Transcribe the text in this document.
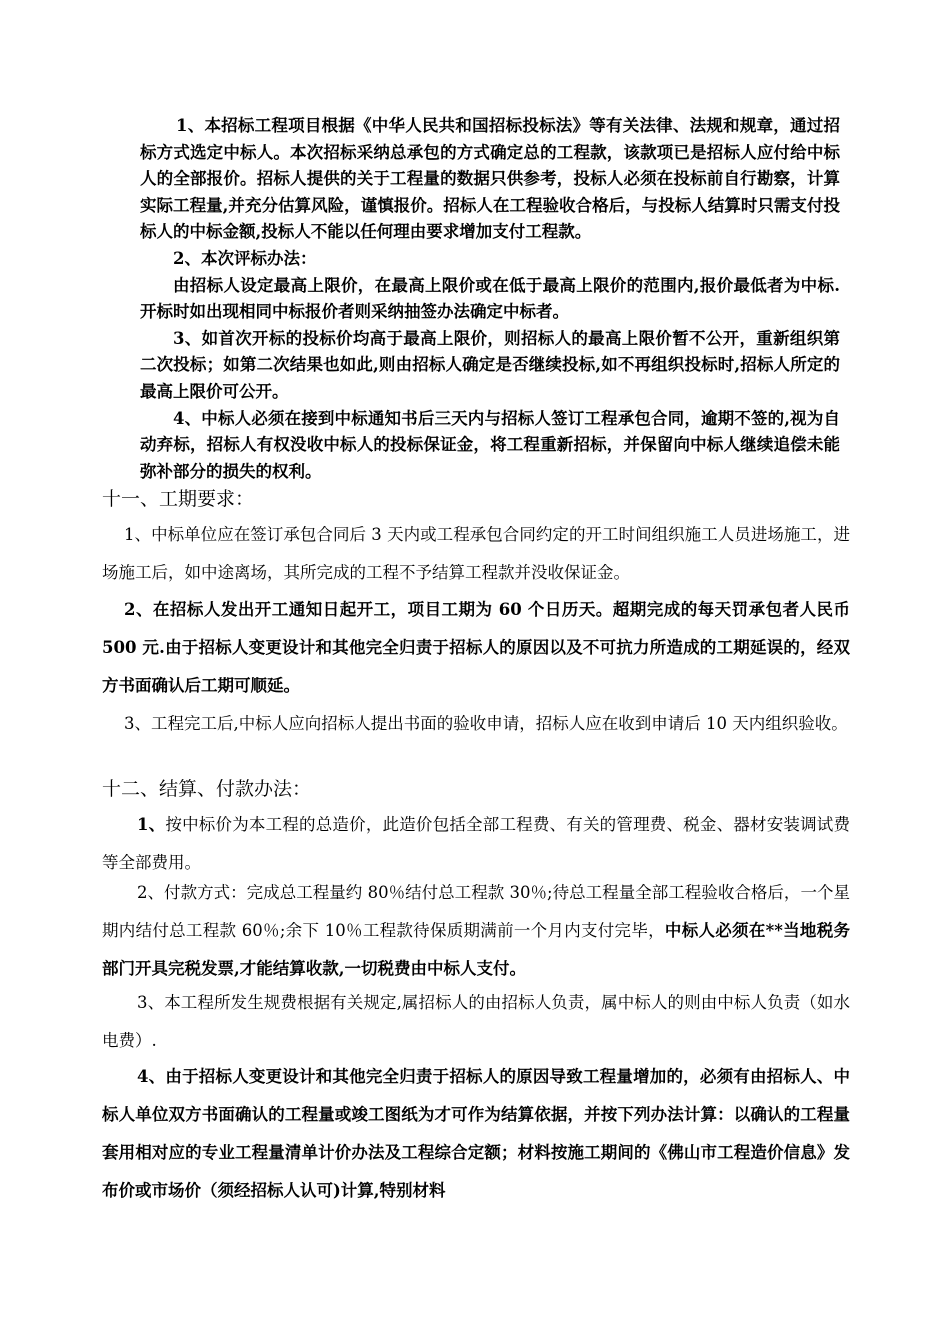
1、本招标工程项目根据《中华人民共和国招标投标法》等有关法律、法规和规章，通过招标方式选定中标人。本次招标采纳总承包的方式确定总的工程款，该款项已是招标人应付给中标人的全部报价。招标人提供的关于工程量的数据只供参考，投标人必须在投标前自行勘察，计算实际工程量,并充分估算风险，谨慎报价。招标人在工程验收合格后，与投标人结算时只需支付投标人的中标金额,投标人不能以任何理由要求增加支付工程款。

2、本次评标办法：

由招标人设定最高上限价，在最高上限价或在低于最高上限价的范围内,报价最低者为中标.开标时如出现相同中标报价者则采纳抽签办法确定中标者。

3、如首次开标的投标价均高于最高上限价，则招标人的最高上限价暂不公开，重新组织第二次投标；如第二次结果也如此,则由招标人确定是否继续投标,如不再组织投标时,招标人所定的最高上限价可公开。

4、中标人必须在接到中标通知书后三天内与招标人签订工程承包合同，逾期不签的,视为自动弃标，招标人有权没收中标人的投标保证金，将工程重新招标，并保留向中标人继续追偿未能弥补部分的损失的权利。

十一、工期要求：

1、中标单位应在签订承包合同后 3 天内或工程承包合同约定的开工时间组织施工人员进场施工，进场施工后，如中途离场，其所完成的工程不予结算工程款并没收保证金。

2、在招标人发出开工通知日起开工，项目工期为 60 个日历天。超期完成的每天罚承包者人民币 500 元.由于招标人变更设计和其他完全归责于招标人的原因以及不可抗力所造成的工期延误的，经双方书面确认后工期可顺延。

3、工程完工后,中标人应向招标人提出书面的验收申请，招标人应在收到申请后 10 天内组织验收。

十二、结算、付款办法：

1、按中标价为本工程的总造价，此造价包括全部工程费、有关的管理费、税金、器材安装调试费等全部费用。

2、付款方式：完成总工程量约 80％结付总工程款 30％;待总工程量全部工程验收合格后，一个星期内结付总工程款 60％;余下 10％工程款待保质期满前一个月内支付完毕，中标人必须在**当地税务部门开具完税发票,才能结算收款,一切税费由中标人支付。

3、本工程所发生规费根据有关规定,属招标人的由招标人负责，属中标人的则由中标人负责（如水电费）.

4、由于招标人变更设计和其他完全归责于招标人的原因导致工程量增加的，必须有由招标人、中标人单位双方书面确认的工程量或竣工图纸为才可作为结算依据，并按下列办法计算：以确认的工程量套用相对应的专业工程量清单计价办法及工程综合定额；材料按施工期间的《佛山市工程造价信息》发布价或市场价（须经招标人认可)计算,特别材料
